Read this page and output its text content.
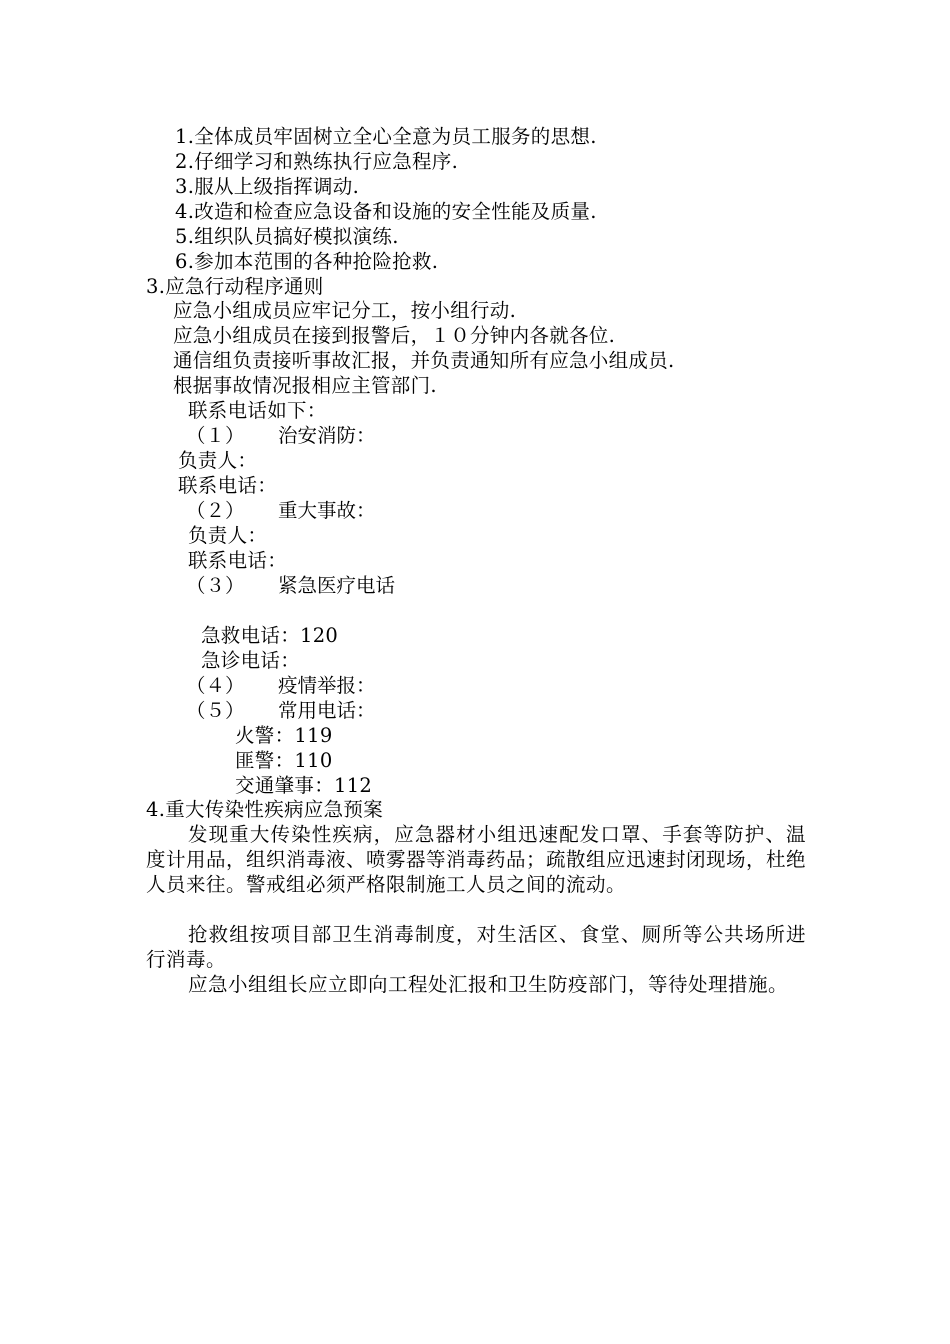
1.全体成员牢固树立全心全意为员工服务的思想.
2.仔细学习和熟练执行应急程序.
3.服从上级指挥调动.
4.改造和检查应急设备和设施的安全性能及质量.
5.组织队员搞好模拟演练.
6.参加本范围的各种抢险抢救.
3.应急行动程序通则
应急小组成员应牢记分工，按小组行动.
应急小组成员在接到报警后，１０分钟内各就各位.
通信组负责接听事故汇报，并负责通知所有应急小组成员.
根据事故情况报相应主管部门.
联系电话如下：
（１） 治安消防：
负责人：
联系电话：
（２） 重大事故：
负责人：
联系电话：
（３） 紧急医疗电话
急救电话：120
急诊电话：
（４） 疫情举报：
（５） 常用电话：
火警：119
匪警：110
交通肇事：112
4.重大传染性疾病应急预案

发现重大传染性疾病，应急器材小组迅速配发口罩、手套等防护、温度计用品，组织消毒液、喷雾器等消毒药品；疏散组应迅速封闭现场，杜绝人员来往。警戒组必须严格限制施工人员之间的流动。

抢救组按项目部卫生消毒制度，对生活区、食堂、厕所等公共场所进行消毒。

应急小组组长应立即向工程处汇报和卫生防疫部门，等待处理措施。
